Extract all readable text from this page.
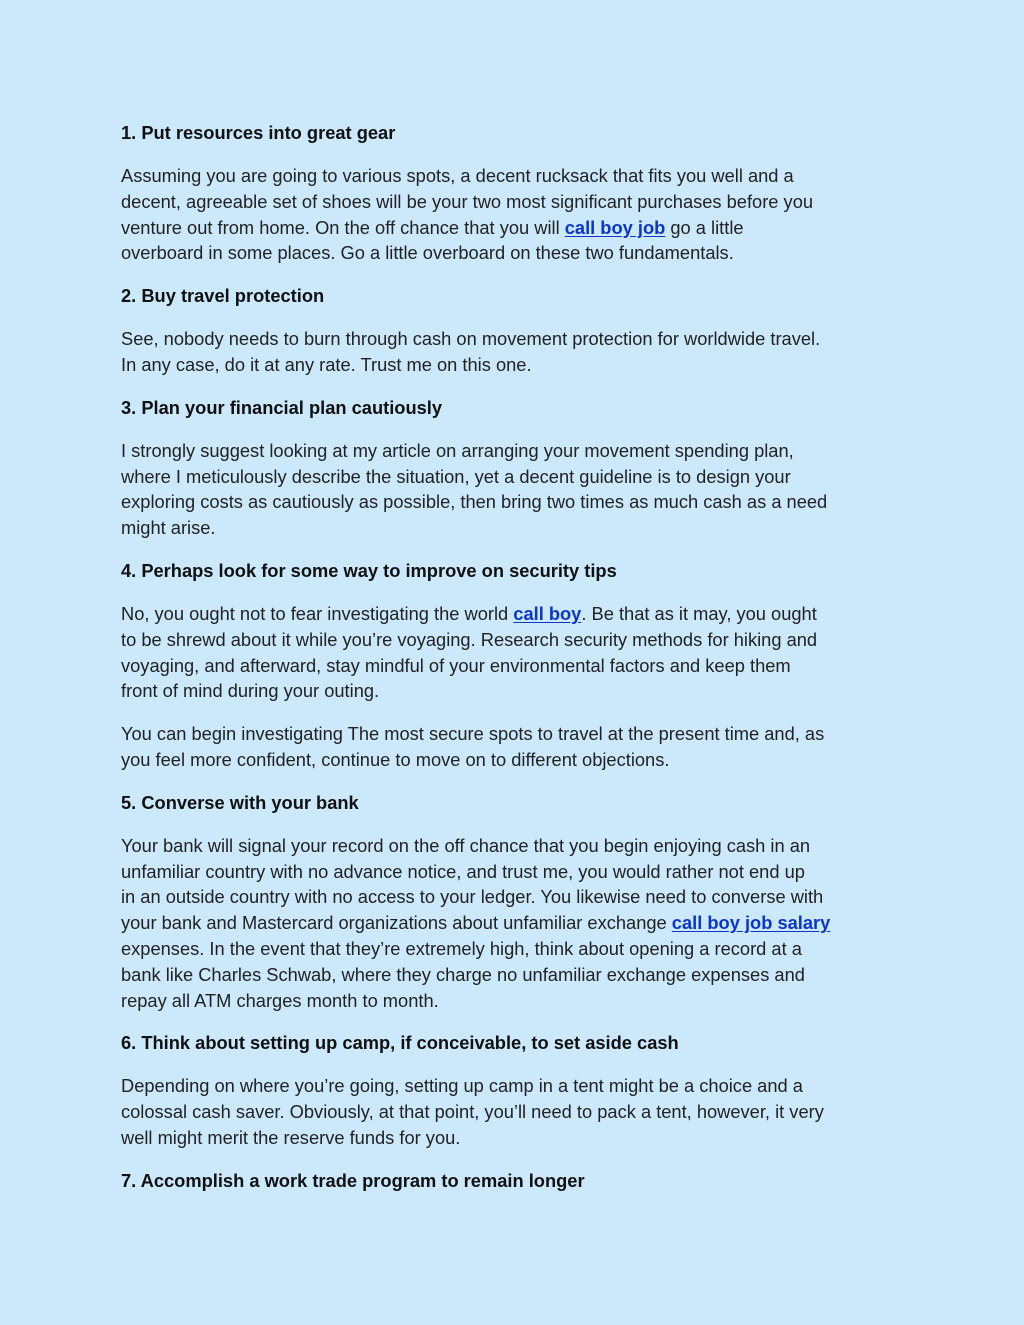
1. Put resources into great gear
Assuming you are going to various spots, a decent rucksack that fits you well and a
decent, agreeable set of shoes will be your two most significant purchases before you
venture out from home. On the off chance that you will call boy job go a little
overboard in some places. Go a little overboard on these two fundamentals.
2. Buy travel protection
See, nobody needs to burn through cash on movement protection for worldwide travel.
In any case, do it at any rate. Trust me on this one.
3. Plan your financial plan cautiously
I strongly suggest looking at my article on arranging your movement spending plan,
where I meticulously describe the situation, yet a decent guideline is to design your
exploring costs as cautiously as possible, then bring two times as much cash as a need
might arise.
4. Perhaps look for some way to improve on security tips
No, you ought not to fear investigating the world call boy. Be that as it may, you ought
to be shrewd about it while you’re voyaging. Research security methods for hiking and
voyaging, and afterward, stay mindful of your environmental factors and keep them
front of mind during your outing.
You can begin investigating The most secure spots to travel at the present time and, as
you feel more confident, continue to move on to different objections.
5. Converse with your bank
Your bank will signal your record on the off chance that you begin enjoying cash in an
unfamiliar country with no advance notice, and trust me, you would rather not end up
in an outside country with no access to your ledger. You likewise need to converse with
your bank and Mastercard organizations about unfamiliar exchange call boy job salary
expenses. In the event that they’re extremely high, think about opening a record at a
bank like Charles Schwab, where they charge no unfamiliar exchange expenses and
repay all ATM charges month to month.
6. Think about setting up camp, if conceivable, to set aside cash
Depending on where you’re going, setting up camp in a tent might be a choice and a
colossal cash saver. Obviously, at that point, you’ll need to pack a tent, however, it very
well might merit the reserve funds for you.
7. Accomplish a work trade program to remain longer
